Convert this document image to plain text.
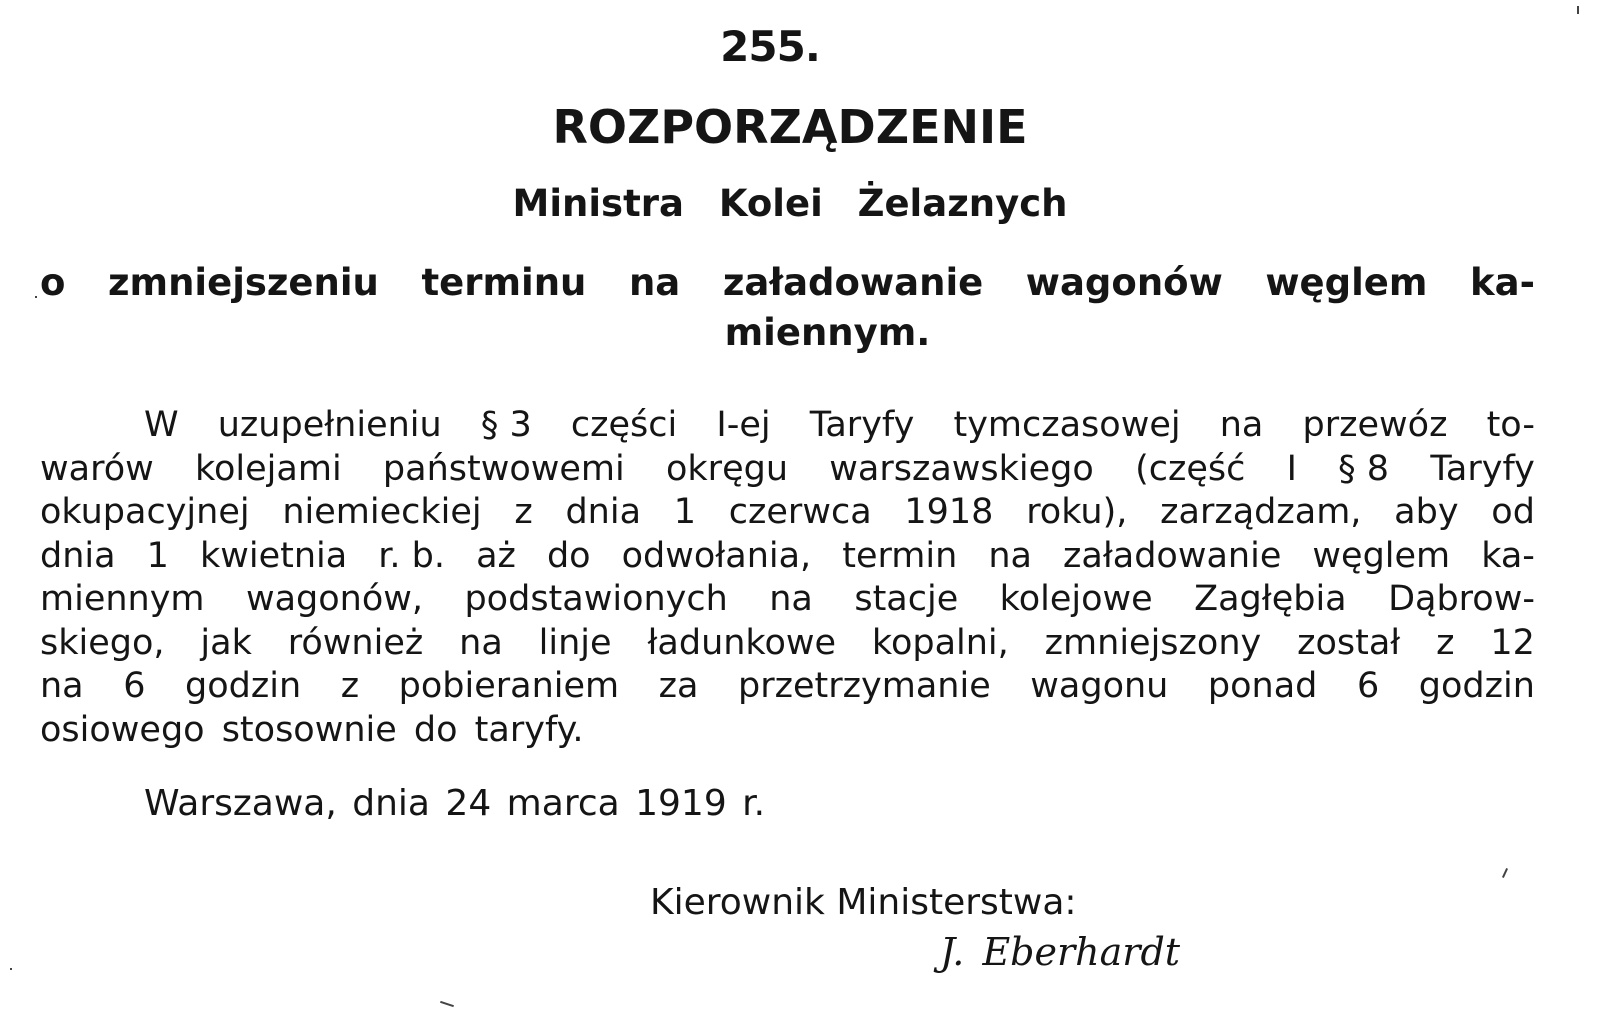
255.
ROZPORZĄDZENIE
Ministra Kolei Żelaznych
o zmniejszeniu terminu na załadowanie wagonów węglem ka-
miennym.
W uzupełnieniu § 3 części I-ej Taryfy tymczasowej na przewóz to-
warów kolejami państwowemi okręgu warszawskiego (część I § 8 Taryfy
okupacyjnej niemieckiej z dnia 1 czerwca 1918 roku), zarządzam, aby od
dnia 1 kwietnia r. b. aż do odwołania, termin na załadowanie węglem ka-
miennym wagonów, podstawionych na stacje kolejowe Zagłębia Dąbrow-
skiego, jak również na linje ładunkowe kopalni, zmniejszony został z 12
na 6 godzin z pobieraniem za przetrzymanie wagonu ponad 6 godzin
osiowego stosownie do taryfy.
Warszawa, dnia 24 marca 1919 r.
Kierownik Ministerstwa:
J. Eberhardt
